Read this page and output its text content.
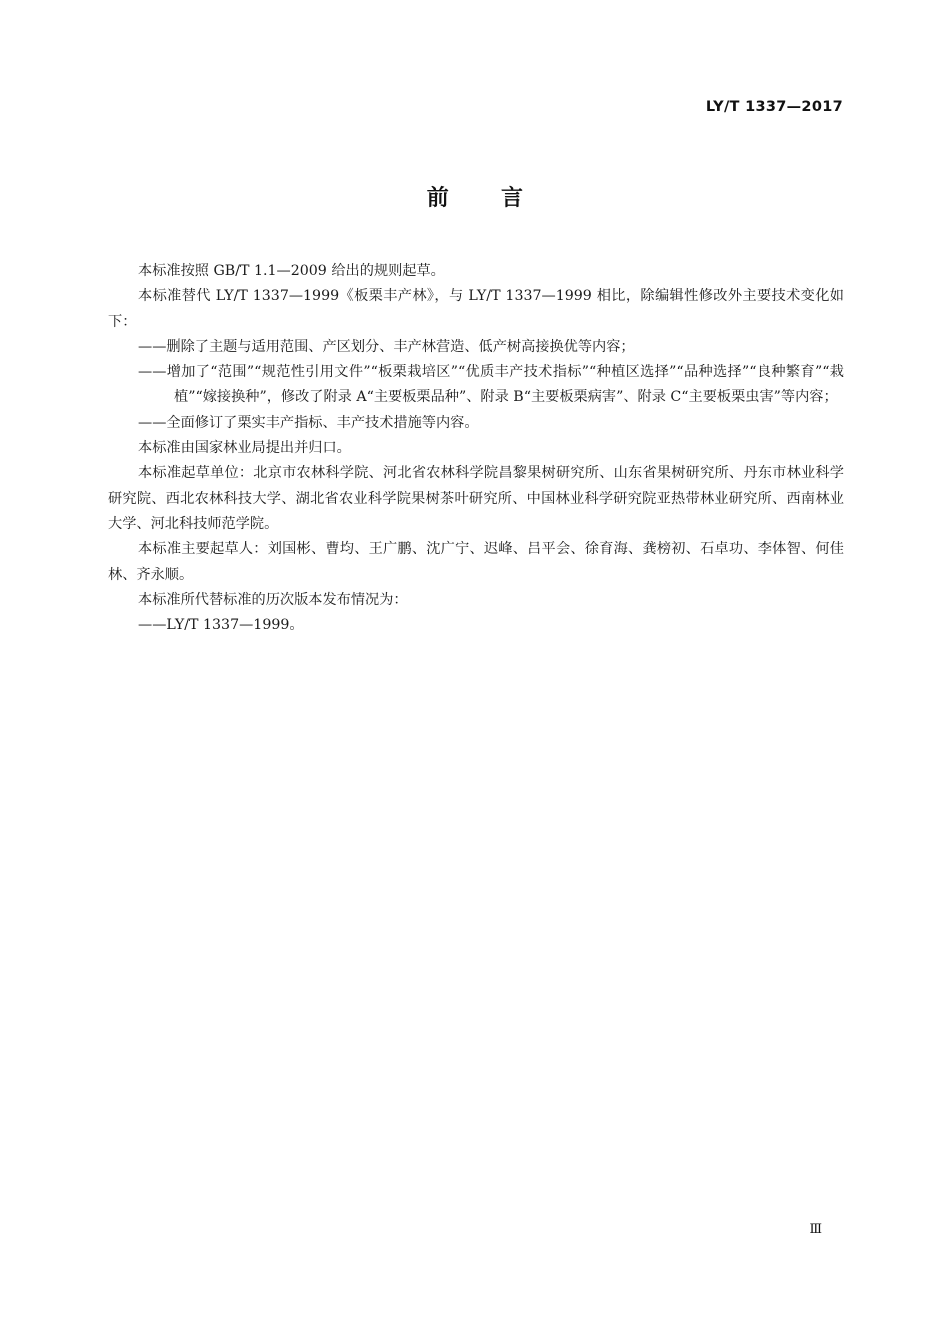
LY/T 1337—2017
前 言

本标准按照 GB/T 1.1—2009 给出的规则起草。

本标准替代 LY/T 1337—1999《板栗丰产林》，与 LY/T 1337—1999 相比，除编辑性修改外主要技术变化如下：

——删除了主题与适用范围、产区划分、丰产林营造、低产树高接换优等内容；

——增加了“范围”“规范性引用文件”“板栗栽培区”“优质丰产技术指标”“种植区选择”“品种选择”“良种繁育”“栽植”“嫁接换种”，修改了附录 A“主要板栗品种”、附录 B“主要板栗病害”、附录 C“主要板栗虫害”等内容；

——全面修订了栗实丰产指标、丰产技术措施等内容。

本标准由国家林业局提出并归口。

本标准起草单位：北京市农林科学院、河北省农林科学院昌黎果树研究所、山东省果树研究所、丹东市林业科学研究院、西北农林科技大学、湖北省农业科学院果树茶叶研究所、中国林业科学研究院亚热带林业研究所、西南林业大学、河北科技师范学院。

本标准主要起草人：刘国彬、曹均、王广鹏、沈广宁、迟峰、吕平会、徐育海、龚榜初、石卓功、李体智、何佳林、齐永顺。

本标准所代替标准的历次版本发布情况为：

——LY/T 1337—1999。

Ⅲ
